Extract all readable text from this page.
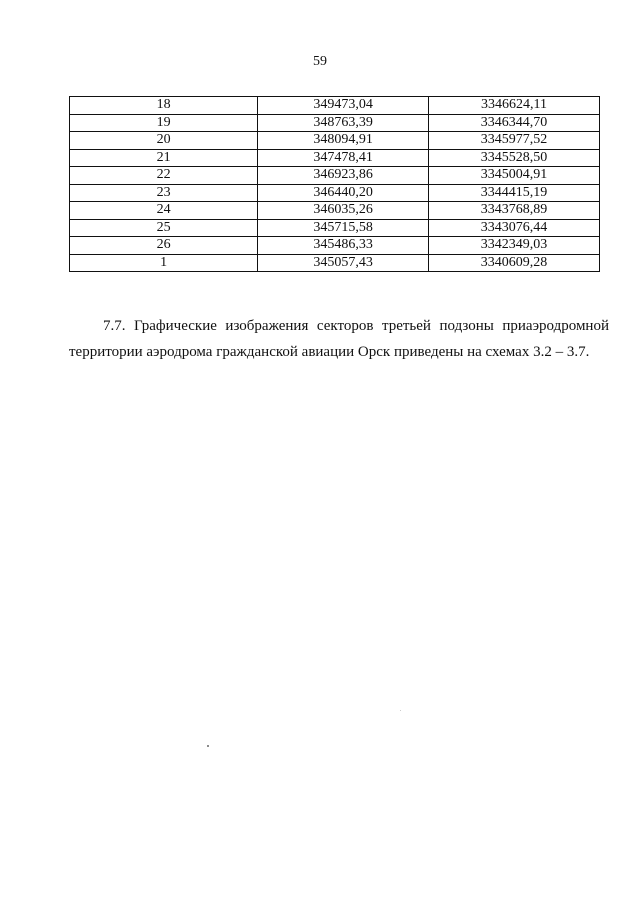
59
18	349473,04	3346624,11
19	348763,39	3346344,70
20	348094,91	3345977,52
21	347478,41	3345528,50
22	346923,86	3345004,91
23	346440,20	3344415,19
24	346035,26	3343768,89
25	345715,58	3343076,44
26	345486,33	3342349,03
1	345057,43	3340609,28
7.7. Графические изображения секторов третьей подзоны приаэродромной
территории аэродрома гражданской авиации Орск приведены на схемах 3.2 – 3.7.
